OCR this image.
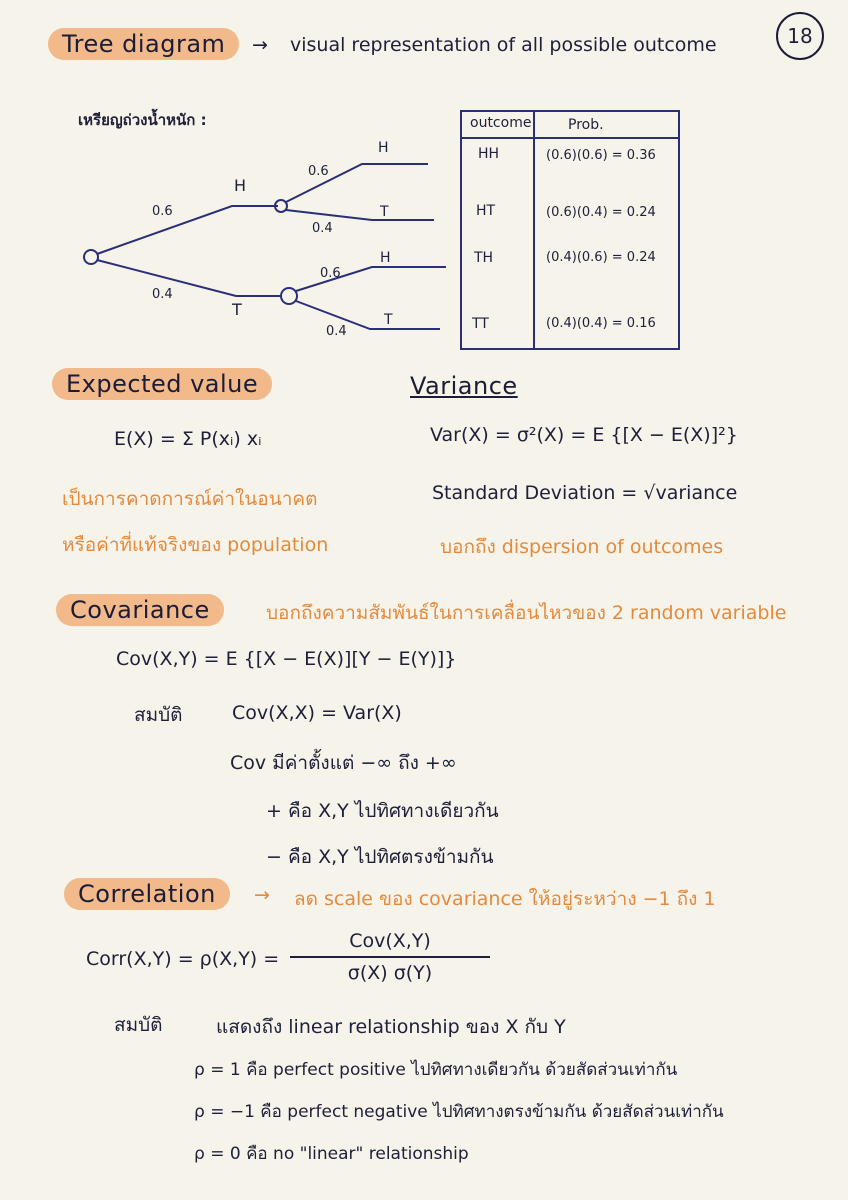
18
Tree diagram	→ visual representation of all possible outcome
เหรียญถ่วงน้ำหนัก :
0.6
0.4
H
T
0.6
0.4
0.6
0.4
H
T
H
T
outcome	Prob.
HH	(0.6)(0.6) = 0.36
HT	(0.6)(0.4) = 0.24
TH	(0.4)(0.6) = 0.24
TT	(0.4)(0.4) = 0.16
Expected value
E(X) = Σ P(xᵢ) xᵢ
เป็นการคาดการณ์ค่าในอนาคต
หรือค่าที่แท้จริงของ population
Variance
Var(X) = σ²(X) = E {[X − E(X)]²}
Standard Deviation = √variance
บอกถึง dispersion of outcomes
Covariance	บอกถึงความสัมพันธ์ในการเคลื่อนไหวของ 2 random variable
Cov(X,Y) = E {[X − E(X)][Y − E(Y)]}
สมบัติ	Cov(X,X) = Var(X)
Cov มีค่าตั้งแต่ −∞ ถึง +∞
+ คือ X,Y ไปทิศทางเดียวกัน
− คือ X,Y ไปทิศตรงข้ามกัน
Correlation	→ ลด scale ของ covariance ให้อยู่ระหว่าง −1 ถึง 1
Corr(X,Y) = ρ(X,Y) =
Cov(X,Y)
σ(X) σ(Y)
สมบัติ	แสดงถึง linear relationship ของ X กับ Y
ρ = 1 คือ perfect positive ไปทิศทางเดียวกัน ด้วยสัดส่วนเท่ากัน
ρ = −1 คือ perfect negative ไปทิศทางตรงข้ามกัน ด้วยสัดส่วนเท่ากัน
ρ = 0 คือ no "linear" relationship
